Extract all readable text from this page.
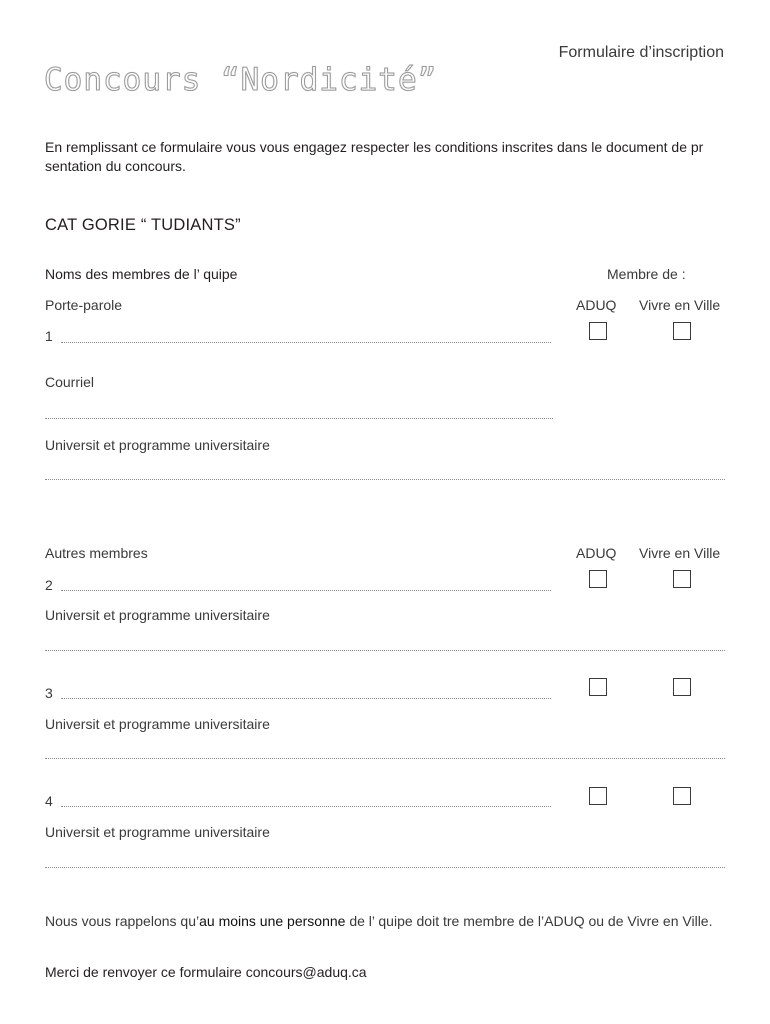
Formulaire d’inscription
Concours “Nordicité”
En remplissant ce formulaire vous vous engagez respecter les conditions inscrites dans le document de pr sentation du concours.
CAT GORIE “ TUDIANTS”
Noms des membres de l’ quipe	Membre de :
Porte-parole	ADUQ Vivre en Ville
1
Courriel
Universit et programme universitaire
Autres membres	ADUQ Vivre en Ville
2
Universit et programme universitaire
3
Universit et programme universitaire
4
Universit et programme universitaire
Nous vous rappelons qu’au moins une personne de l’ quipe doit tre membre de l’ADUQ ou de Vivre en Ville.
Merci de renvoyer ce formulaire concours@aduq.ca
